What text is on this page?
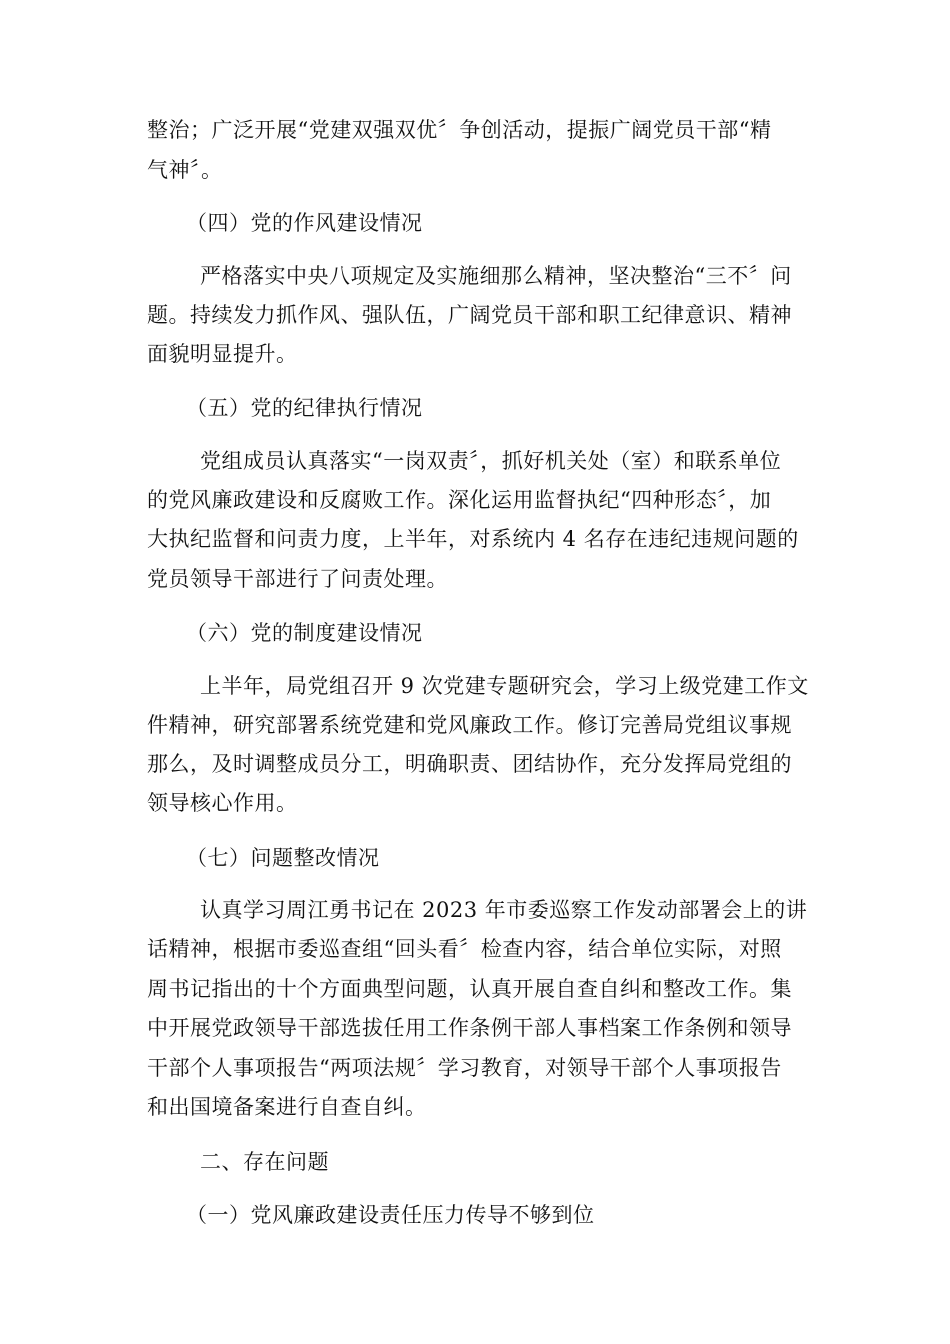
整治；广泛开展“党建双强双优〞争创活动，提振广阔党员干部“精
气神〞。
（四）党的作风建设情况
严格落实中央八项规定及实施细那么精神，坚决整治“三不〞问
题。持续发力抓作风、强队伍，广阔党员干部和职工纪律意识、精神
面貌明显提升。
（五）党的纪律执行情况
党组成员认真落实“一岗双责〞，抓好机关处（室）和联系单位
的党风廉政建设和反腐败工作。深化运用监督执纪“四种形态〞，加
大执纪监督和问责力度，上半年，对系统内 4 名存在违纪违规问题的
党员领导干部进行了问责处理。
（六）党的制度建设情况
上半年，局党组召开 9 次党建专题研究会，学习上级党建工作文
件精神，研究部署系统党建和党风廉政工作。修订完善局党组议事规
那么，及时调整成员分工，明确职责、团结协作，充分发挥局党组的
领导核心作用。
（七）问题整改情况
认真学习周江勇书记在 2023 年市委巡察工作发动部署会上的讲
话精神，根据市委巡查组“回头看〞检查内容，结合单位实际，对照
周书记指出的十个方面典型问题，认真开展自查自纠和整改工作。集
中开展党政领导干部选拔任用工作条例干部人事档案工作条例和领导
干部个人事项报告“两项法规〞学习教育，对领导干部个人事项报告
和出国境备案进行自查自纠。
二、存在问题
（一）党风廉政建设责任压力传导不够到位
